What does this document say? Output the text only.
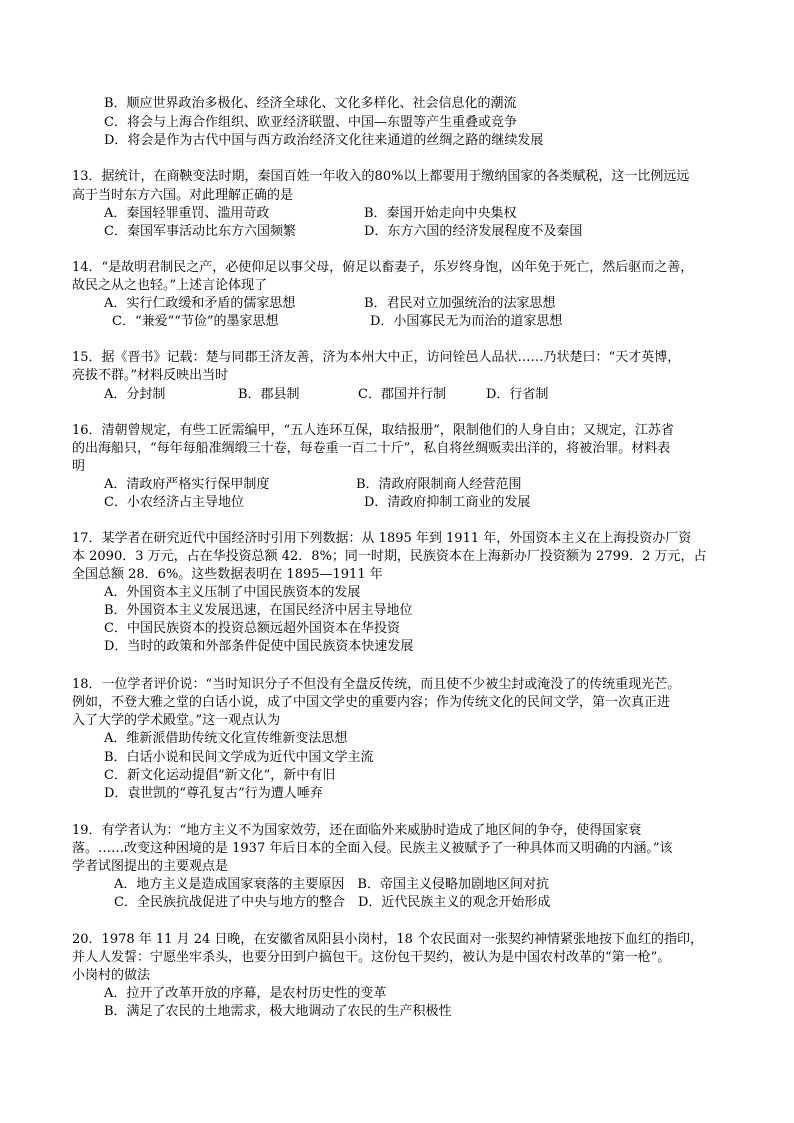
B．顺应世界政治多极化、经济全球化、文化多样化、社会信息化的潮流
C．将会与上海合作组织、欧亚经济联盟、中国—东盟等产生重叠或竞争
D．将会是作为古代中国与西方政治经济文化往来通道的丝绸之路的继续发展
13．据统计，在商鞅变法时期，秦国百姓一年收入的80%以上都要用于缴纳国家的各类赋税，这一比例远远
高于当时东方六国。对此理解正确的是
A．秦国轻罪重罚、滥用苛政	B．秦国开始走向中央集权
C．秦国军事活动比东方六国频繁	D．东方六国的经济发展程度不及秦国
14．“是故明君制民之产，必使仰足以事父母，俯足以畜妻子，乐岁终身饱，凶年免于死亡，然后驱而之善，
故民之从之也轻。”上述言论体现了
A．实行仁政缓和矛盾的儒家思想	B．君民对立加强统治的法家思想
C．“兼爱”“节俭”的墨家思想	D．小国寡民无为而治的道家思想
15．据《晋书》记载：楚与同郡王济友善，济为本州大中正，访问铨邑人品状……乃状楚曰：“天才英博，
亮拔不群。”材料反映出当时
A．分封制	B．郡县制	C．郡国并行制	D．行省制
16．清朝曾规定，有些工匠需编甲，“五人连环互保，取结报册”，限制他们的人身自由；又规定，江苏省
的出海船只，“每年每船准绸缎三十卷，每卷重一百二十斤”，私自将丝绸贩卖出洋的，将被治罪。材料表
明
A．清政府严格实行保甲制度	B．清政府限制商人经营范围
C．小农经济占主导地位	D．清政府抑制工商业的发展
17．某学者在研究近代中国经济时引用下列数据：从 1895 年到 1911 年，外国资本主义在上海投资办厂资
本 2090．3 万元，占在华投资总额 42．8%；同一时期，民族资本在上海新办厂投资额为 2799．2 万元，占
全国总额 28．6%。这些数据表明在 1895—1911 年
A．外国资本主义压制了中国民族资本的发展
B．外国资本主义发展迅速，在国民经济中居主导地位
C．中国民族资本的投资总额远超外国资本在华投资
D．当时的政策和外部条件促使中国民族资本快速发展
18．一位学者评价说：“当时知识分子不但没有全盘反传统，而且使不少被尘封或淹没了的传统重现光芒。
例如，不登大雅之堂的白话小说，成了中国文学史的重要内容；作为传统文化的民间文学，第一次真正进
入了大学的学术殿堂。”这一观点认为
A．维新派借助传统文化宣传维新变法思想
B．白话小说和民间文学成为近代中国文学主流
C．新文化运动提倡“新文化”，新中有旧
D．袁世凯的“尊孔复古”行为遭人唾弃
19．有学者认为：“地方主义不为国家效劳，还在面临外来威胁时造成了地区间的争夺，使得国家衰
落。……改变这种困境的是 1937 年后日本的全面入侵。民族主义被赋予了一种具体而又明确的内涵。”该
学者试图提出的主要观点是
A．地方主义是造成国家衰落的主要原因　B．帝国主义侵略加剧地区间对抗
C．全民族抗战促进了中央与地方的整合　D．近代民族主义的观念开始形成
20．1978 年 11 月 24 日晚，在安徽省凤阳县小岗村，18 个农民面对一张契约神情紧张地按下血红的指印，
并人人发誓：宁愿坐牢杀头，也要分田到户搞包干。这份包干契约，被认为是中国农村改革的“第一枪”。
小岗村的做法
A．拉开了改革开放的序幕，是农村历史性的变革
B．满足了农民的土地需求，极大地调动了农民的生产积极性
